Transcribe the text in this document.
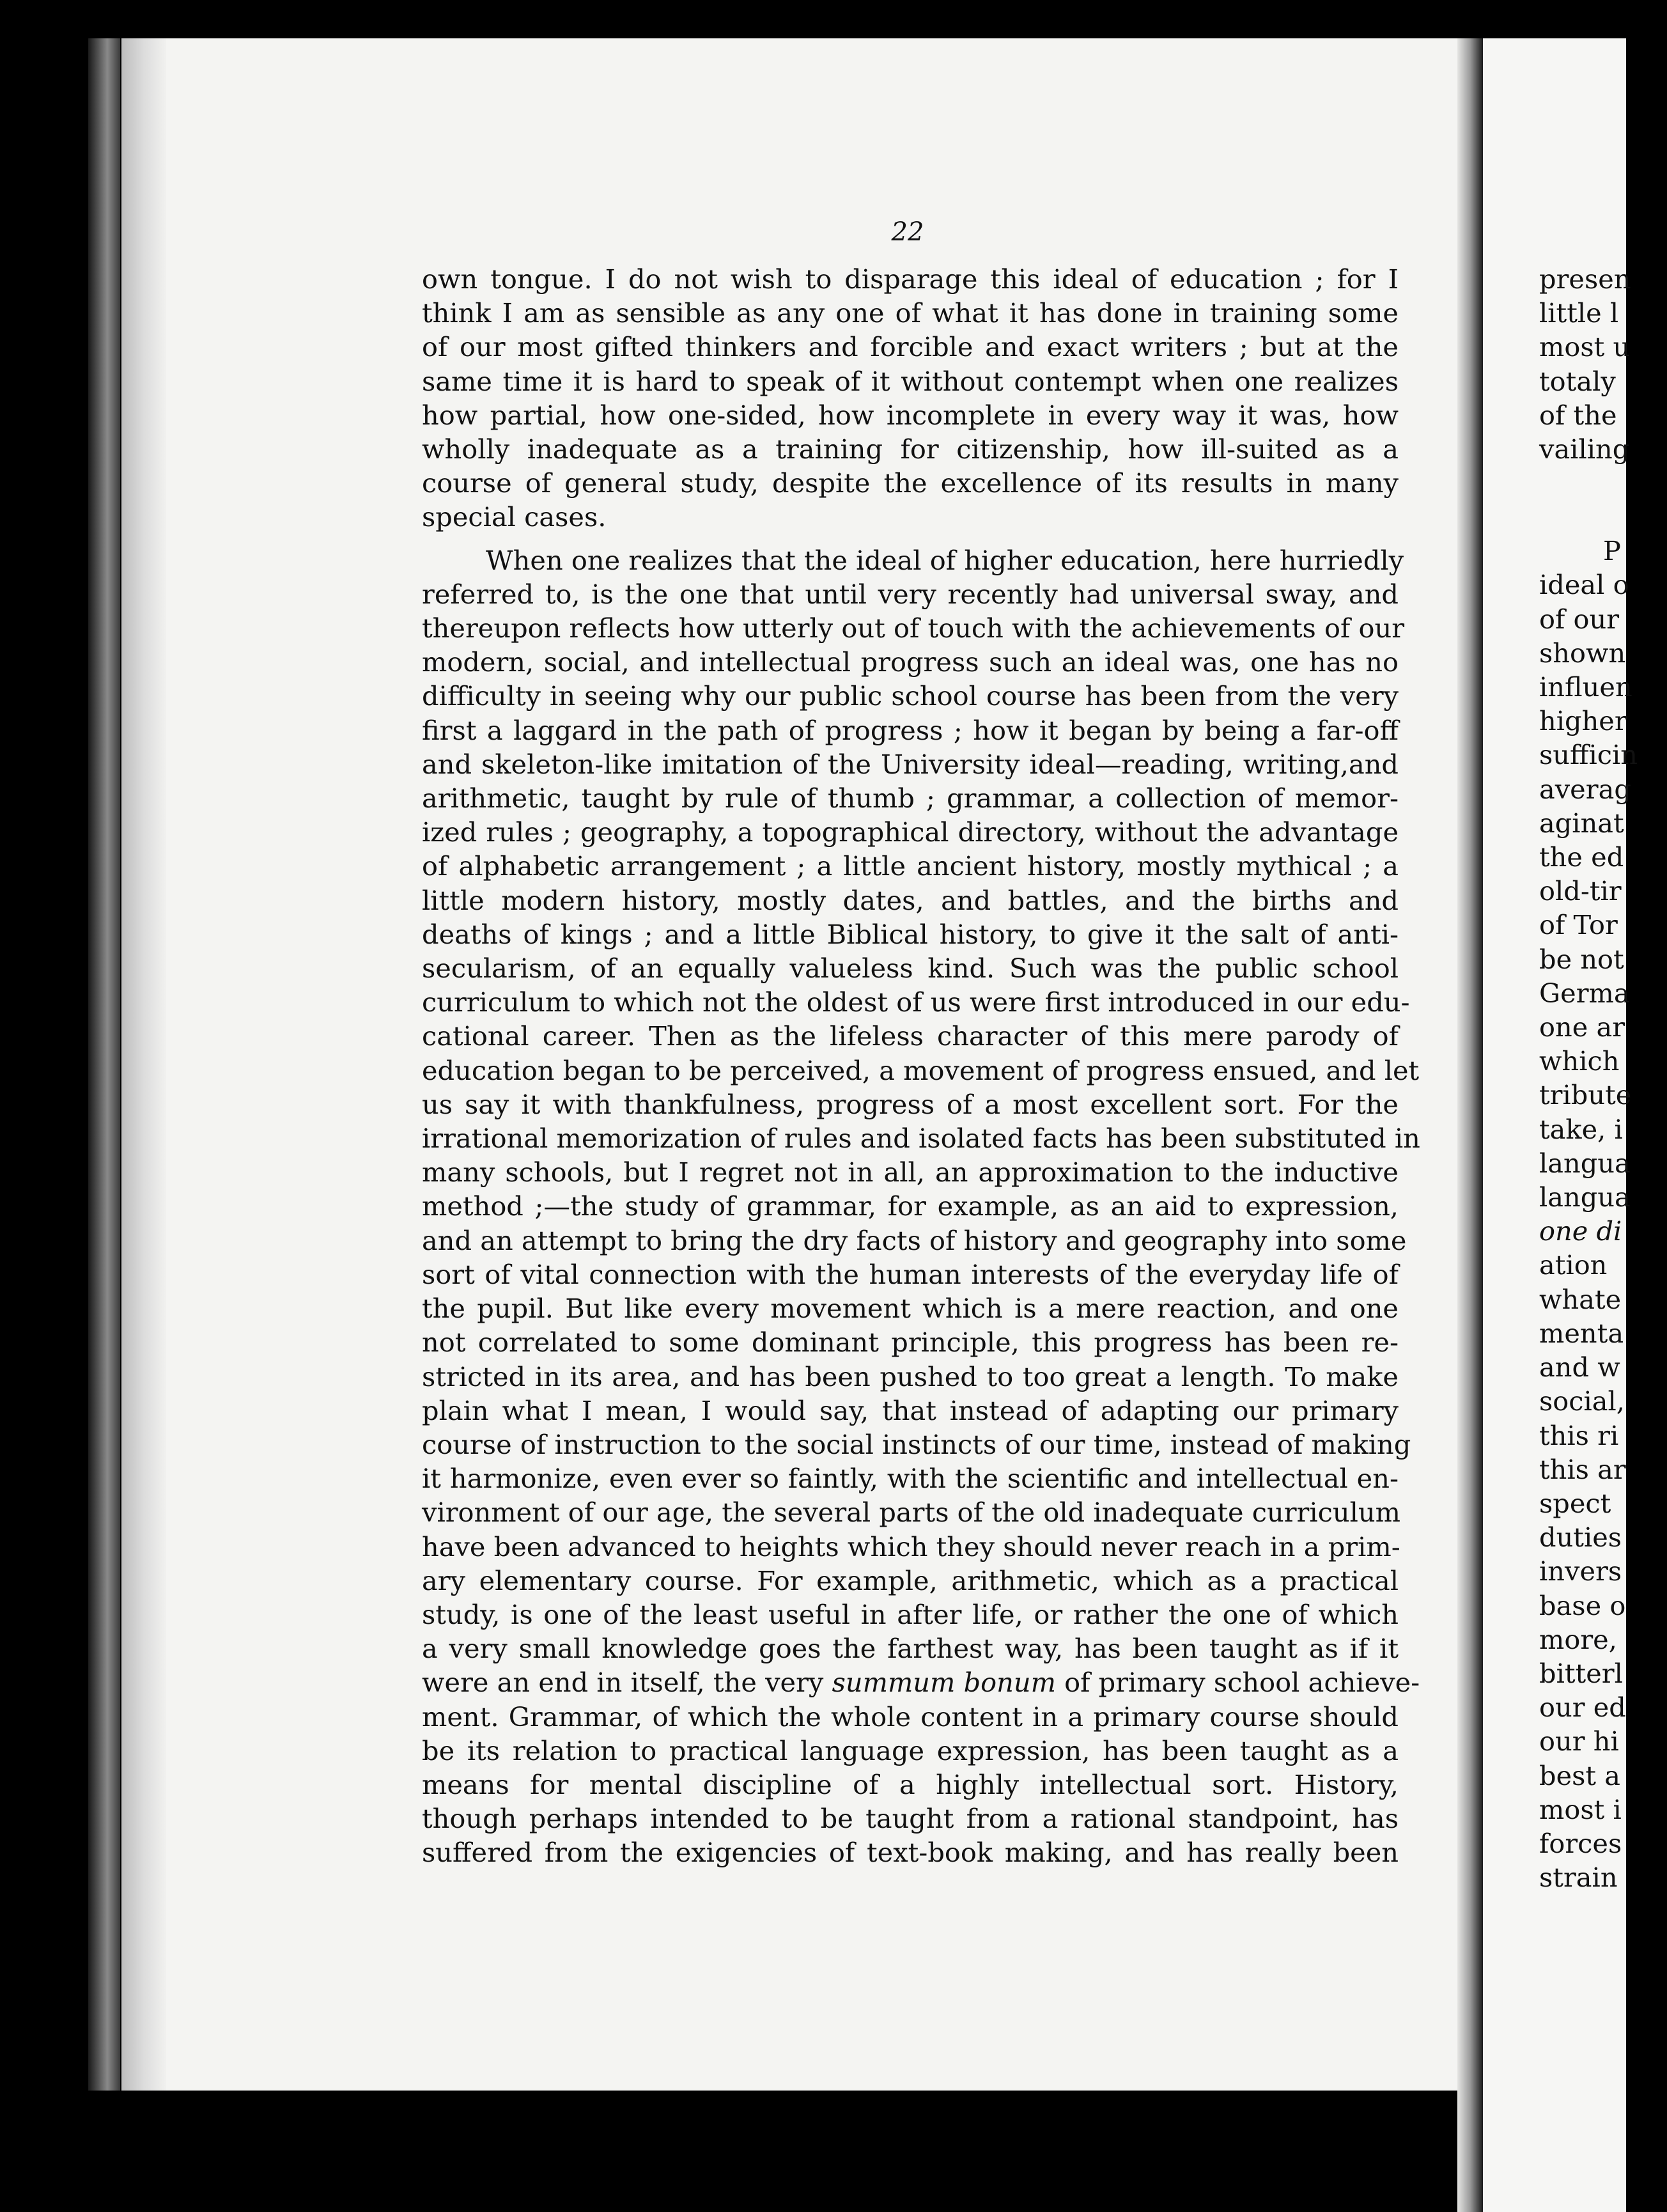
22

own tongue. I do not wish to disparage this ideal of education ; for I
think I am as sensible as any one of what it has done in training some
of our most gifted thinkers and forcible and exact writers ; but at the
same time it is hard to speak of it without contempt when one realizes
how partial, how one-sided, how incomplete in every way it was, how
wholly inadequate as a training for citizenship, how ill-suited as a
course of general study, despite the excellence of its results in many
special cases.

When one realizes that the ideal of higher education, here hurriedly
referred to, is the one that until very recently had universal sway, and
thereupon reflects how utterly out of touch with the achievements of our
modern, social, and intellectual progress such an ideal was, one has no
difficulty in seeing why our public school course has been from the very
first a laggard in the path of progress ; how it began by being a far-off
and skeleton-like imitation of the University ideal—reading, writing,and
arithmetic, taught by rule of thumb ; grammar, a collection of memor-
ized rules ; geography, a topographical directory, without the advantage
of alphabetic arrangement ; a little ancient history, mostly mythical ; a
little modern history, mostly dates, and battles, and the births and
deaths of kings ; and a little Biblical history, to give it the salt of anti-
secularism, of an equally valueless kind. Such was the public school
curriculum to which not the oldest of us were first introduced in our edu-
cational career. Then as the lifeless character of this mere parody of
education began to be perceived, a movement of progress ensued, and let
us say it with thankfulness, progress of a most excellent sort. For the
irrational memorization of rules and isolated facts has been substituted in
many schools, but I regret not in all, an approximation to the inductive
method ;—the study of grammar, for example, as an aid to expression,
and an attempt to bring the dry facts of history and geography into some
sort of vital connection with the human interests of the everyday life of
the pupil. But like every movement which is a mere reaction, and one
not correlated to some dominant principle, this progress has been re-
stricted in its area, and has been pushed to too great a length. To make
plain what I mean, I would say, that instead of adapting our primary
course of instruction to the social instincts of our time, instead of making
it harmonize, even ever so faintly, with the scientific and intellectual en-
vironment of our age, the several parts of the old inadequate curriculum
have been advanced to heights which they should never reach in a prim-
ary elementary course. For example, arithmetic, which as a practical
study, is one of the least useful in after life, or rather the one of which
a very small knowledge goes the farthest way, has been taught as if it
were an end in itself, the very summum bonum of primary school achieve-
ment. Grammar, of which the whole content in a primary course should
be its relation to practical language expression, has been taught as a
means for mental discipline of a highly intellectual sort. History,
though perhaps intended to be taught from a rational standpoint, has
suffered from the exigencies of text-book making, and has really been

presen
little l
most u
totaly
of the
vailing
P
ideal o
of our
shown
influen
higher
sufficin
averag
aginat
the ed
old-tir
of Tor
be not
Germa
one ar
which
tribute
take, i
langua
langua
one di
ation
whate
menta
and w
social,
this ri
this ar
spect
duties
invers
base o
more,
bitterl
our ed
our hi
best a
most i
forces
strain
